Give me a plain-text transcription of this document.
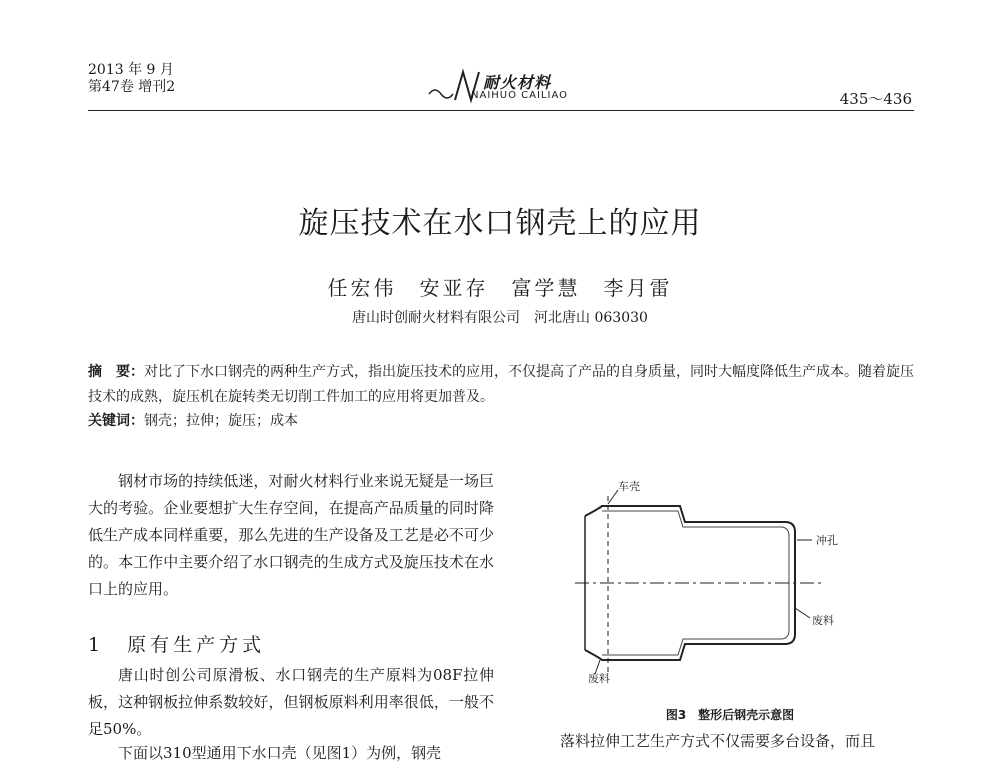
2013 年 9 月
第47卷 增刊2	耐火材料
NAIHUO CAILIAO	435～436
旋压技术在水口钢壳上的应用
任宏伟　安亚存　富学慧　李月雷
唐山时创耐火材料有限公司　河北唐山 063030
摘　要：对比了下水口钢壳的两种生产方式，指出旋压技术的应用，不仅提高了产品的自身质量，同时大幅度降低生产成本。随着旋压技术的成熟，旋压机在旋转类无切削工件加工的应用将更加普及。
关键词：钢壳；拉伸；旋压；成本
钢材市场的持续低迷，对耐火材料行业来说无疑是一场巨大的考验。企业要想扩大生存空间，在提高产品质量的同时降低生产成本同样重要，那么先进的生产设备及工艺是必不可少的。本工作中主要介绍了水口钢壳的生成方式及旋压技术在水口上的应用。
1　原有生产方式
唐山时创公司原滑板、水口钢壳的生产原料为08F拉伸板，这种钢板拉伸系数较好，但钢板原料利用率很低，一般不足50%。
下面以310型通用下水口壳（见图1）为例，钢壳
车壳
冲孔
废料
废料
图3　整形后钢壳示意图
落料拉伸工艺生产方式不仅需要多台设备，而且
